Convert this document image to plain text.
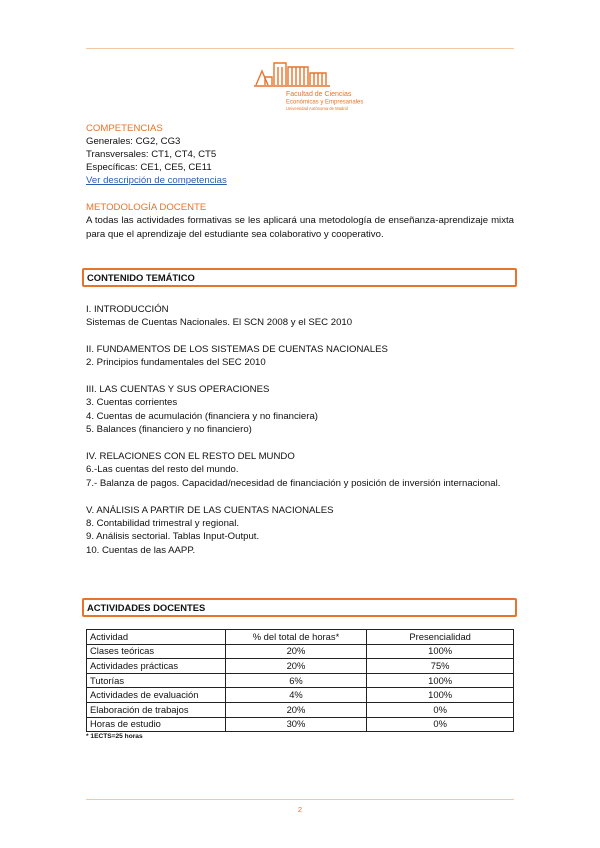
Facultad de Ciencias
Económicas y Empresariales
Universidad Autónoma de Madrid
COMPETENCIAS
Generales: CG2, CG3
Transversales: CT1, CT4, CT5
Específicas: CE1, CE5, CE11
Ver descripción de competencias
METODOLOGÍA DOCENTE
A todas las actividades formativas se les aplicará una metodología de enseñanza-aprendizaje mixta para que el aprendizaje del estudiante sea colaborativo y cooperativo.
CONTENIDO TEMÁTICO
I. INTRODUCCIÓN
Sistemas de Cuentas Nacionales. El SCN 2008 y el SEC 2010
II. FUNDAMENTOS DE LOS SISTEMAS DE CUENTAS NACIONALES
2. Principios fundamentales del SEC 2010
III. LAS CUENTAS Y SUS OPERACIONES
3. Cuentas corrientes
4. Cuentas de acumulación (financiera y no financiera)
5. Balances (financiero y no financiero)
IV. RELACIONES CON EL RESTO DEL MUNDO
6.-Las cuentas del resto del mundo.
7.- Balanza de pagos. Capacidad/necesidad de financiación y posición de inversión internacional.
V. ANÁLISIS A PARTIR DE LAS CUENTAS NACIONALES
8. Contabilidad trimestral y regional.
9. Análisis sectorial. Tablas Input-Output.
10. Cuentas de las AAPP.
ACTIVIDADES DOCENTES
Actividad	% del total de horas*	Presencialidad
Clases teóricas	20%	100%
Actividades prácticas	20%	75%
Tutorías	6%	100%
Actividades de evaluación	4%	100%
Elaboración de trabajos	20%	0%
Horas de estudio	30%	0%
* 1ECTS=25 horas
2
